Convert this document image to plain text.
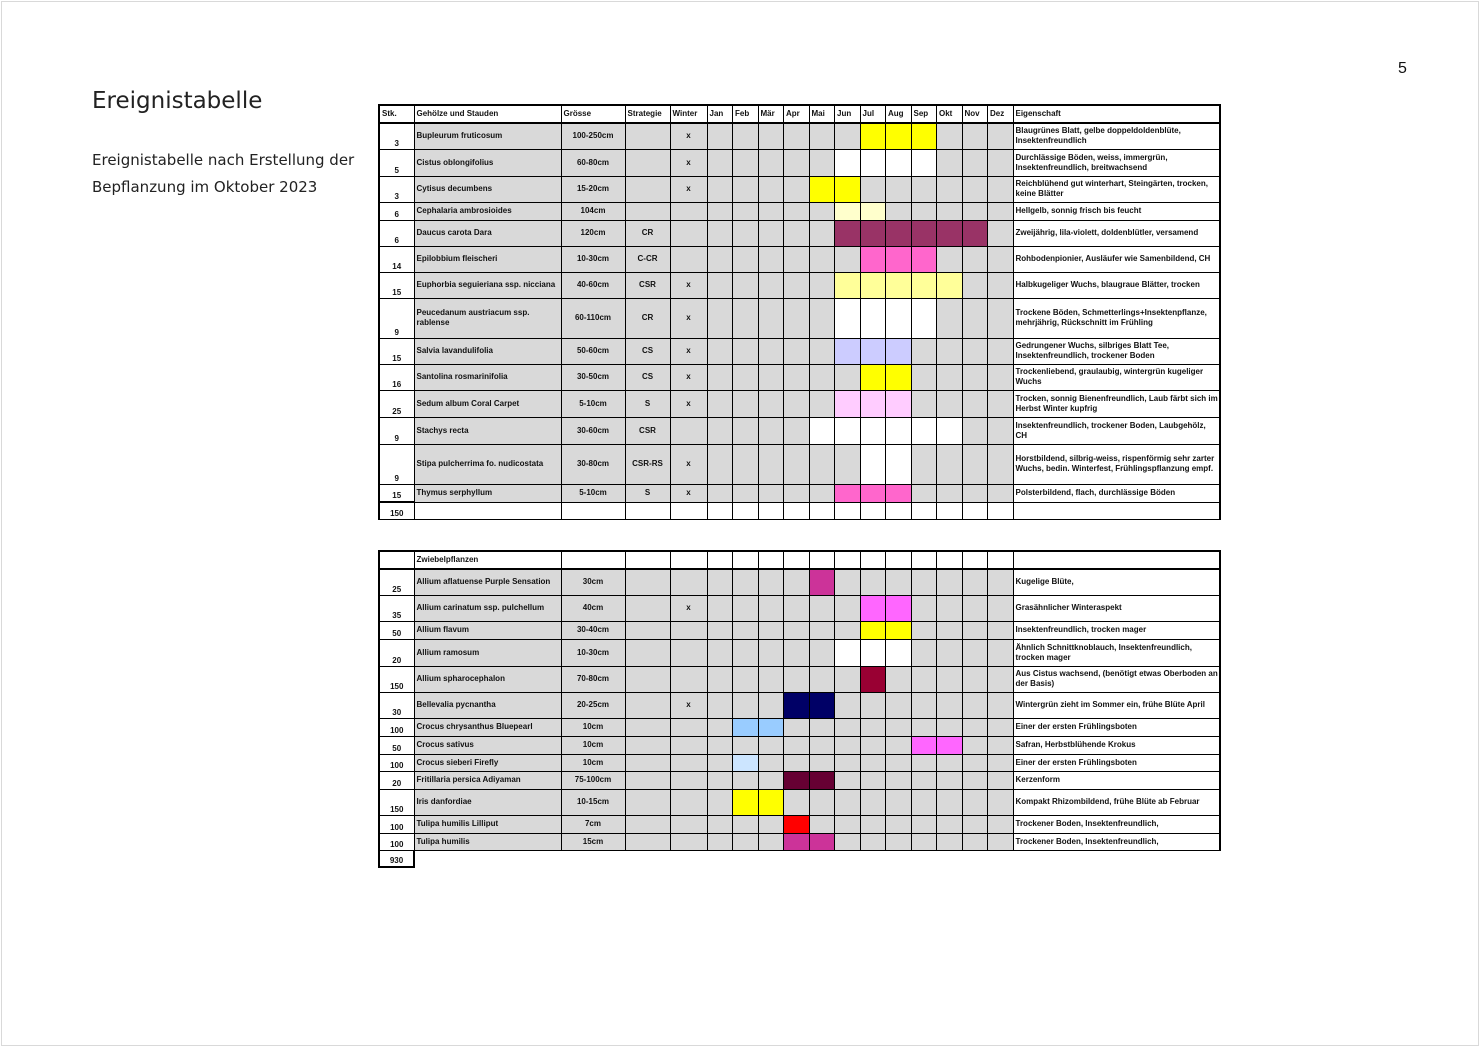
5
Ereignistabelle
Ereignistabelle nach Erstellung der Bepflanzung im Oktober 2023
Stk.	Gehölze und Stauden	Grösse	Strategie	Winter	Jan	Feb	Mär	Apr	Mai	Jun	Jul	Aug	Sep	Okt	Nov	Dez	Eigenschaft
3	Bupleurum fruticosum	100-250cm		x													Blaugrünes Blatt, gelbe doppeldoldenblüte, Insektenfreundlich
5	Cistus oblongifolius	60-80cm		x													Durchlässige Böden, weiss, immergrün, Insektenfreundlich, breitwachsend
3	Cytisus decumbens	15-20cm		x													Reichblühend gut winterhart, Steingärten, trocken, keine Blätter
6	Cephalaria ambrosioides	104cm															Hellgelb, sonnig frisch bis feucht
6	Daucus carota Dara	120cm	CR														Zweijährig, lila-violett, doldenblütler, versamend
14	Epilobbium fleischeri	10-30cm	C-CR														Rohbodenpionier, Ausläufer wie Samenbildend, CH
15	Euphorbia seguieriana ssp. nicciana	40-60cm	CSR	x													Halbkugeliger Wuchs, blaugraue Blätter, trocken
9	Peucedanum austriacum ssp. rablense	60-110cm	CR	x													Trockene Böden, Schmetterlings+Insektenpflanze, mehrjährig, Rückschnitt im Frühling
15	Salvia lavandulifolia	50-60cm	CS	x													Gedrungener Wuchs, silbriges Blatt Tee, Insektenfreundlich, trockener Boden
16	Santolina rosmarinifolia	30-50cm	CS	x													Trockenliebend, graulaubig, wintergrün kugeliger Wuchs
25	Sedum album Coral Carpet	5-10cm	S	x													Trocken, sonnig Bienenfreundlich, Laub färbt sich im Herbst Winter kupfrig
9	Stachys recta	30-60cm	CSR														Insektenfreundlich, trockener Boden, Laubgehölz, CH
9	Stipa pulcherrima fo. nudicostata	30-80cm	CSR-RS	x													Horstbildend, silbrig-weiss, rispenförmig sehr zarter Wuchs, bedin. Winterfest, Frühlingspflanzung empf.
15	Thymus serphyllum	5-10cm	S	x													Polsterbildend, flach, durchlässige Böden
150																	
	Zwiebelpflanzen																
25	Allium aflatuense Purple Sensation	30cm															Kugelige Blüte,
35	Allium carinatum ssp. pulchellum	40cm		x													Grasähnlicher Winteraspekt
50	Allium flavum	30-40cm															Insektenfreundlich, trocken mager
20	Allium ramosum	10-30cm															Ähnlich Schnittknoblauch, Insektenfreundlich, trocken mager
150	Allium spharocephalon	70-80cm															Aus Cistus wachsend, (benötigt etwas Oberboden an der Basis)
30	Bellevalia pycnantha	20-25cm		x													Wintergrün zieht im Sommer ein, frühe Blüte April
100	Crocus chrysanthus Bluepearl	10cm															Einer der ersten Frühlingsboten
50	Crocus sativus	10cm															Safran, Herbstblühende Krokus
100	Crocus sieberi Firefly	10cm															Einer der ersten Frühlingsboten
20	Fritillaria persica Adiyaman	75-100cm															Kerzenform
150	Iris danfordiae	10-15cm															Kompakt Rhizombildend, frühe Blüte ab Februar
100	Tulipa humilis Lilliput	7cm															Trockener Boden, Insektenfreundlich,
100	Tulipa humilis	15cm															Trockener Boden, Insektenfreundlich,
930																	
